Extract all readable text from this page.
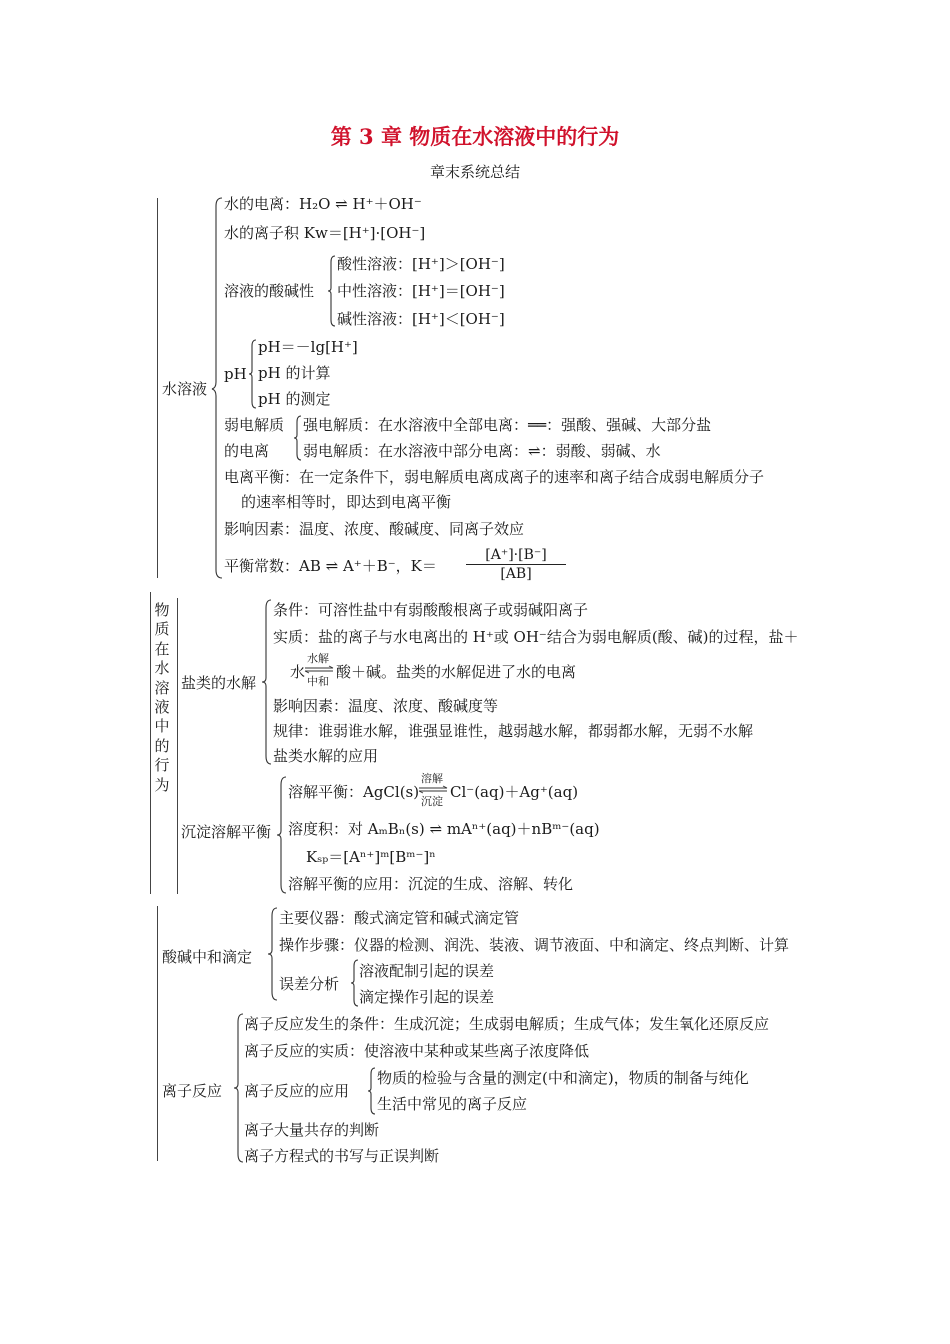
第 3 章 物质在水溶液中的行为
章末系统总结
水溶液
水的电离：H₂O ⇌ H⁺＋OH⁻
水的离子积 Kw＝[H⁺]·[OH⁻]
溶液的酸碱性
酸性溶液：[H⁺]＞[OH⁻]
中性溶液：[H⁺]＝[OH⁻]
碱性溶液：[H⁺]＜[OH⁻]
pH
pH＝－lg[H⁺]
pH 的计算
pH 的测定
弱电解质
的电离
强电解质：在水溶液中全部电离：══：强酸、强碱、大部分盐
弱电解质：在水溶液中部分电离：⇌：弱酸、弱碱、水
电离平衡：在一定条件下，弱电解质电离成离子的速率和离子结合成弱电解质分子
的速率相等时，即达到电离平衡
影响因素：温度、浓度、酸碱度、同离子效应
平衡常数：AB ⇌ A⁺＋B⁻，$K= \frac{[A^+]\cdot[B^-]}{[AB]}$
物质在水溶液中的行为
盐类的水解
条件：可溶性盐中有弱酸酸根离子或弱碱阳离子
实质：盐的离子与水电离出的 H⁺或 OH⁻结合为弱电解质(酸、碱)的过程，盐＋
水
水解
中和
酸＋碱。盐类的水解促进了水的电离
影响因素：温度、浓度、酸碱度等
规律：谁弱谁水解，谁强显谁性，越弱越水解，都弱都水解，无弱不水解
盐类水解的应用
沉淀溶解平衡
溶解平衡：AgCl(s)
溶解
沉淀
Cl⁻(aq)＋Ag⁺(aq)
溶度积：对 AₘBₙ(s) ⇌ mAⁿ⁺(aq)＋nBᵐ⁻(aq)
Kₛₚ＝[Aⁿ⁺]ᵐ[Bᵐ⁻]ⁿ
溶解平衡的应用：沉淀的生成、溶解、转化
酸碱中和滴定
主要仪器：酸式滴定管和碱式滴定管
操作步骤：仪器的检测、润洗、装液、调节液面、中和滴定、终点判断、计算
误差分析
溶液配制引起的误差
滴定操作引起的误差
离子反应
离子反应发生的条件：生成沉淀；生成弱电解质；生成气体；发生氧化还原反应
离子反应的实质：使溶液中某种或某些离子浓度降低
离子反应的应用
物质的检验与含量的测定(中和滴定)，物质的制备与纯化
生活中常见的离子反应
离子大量共存的判断
离子方程式的书写与正误判断
